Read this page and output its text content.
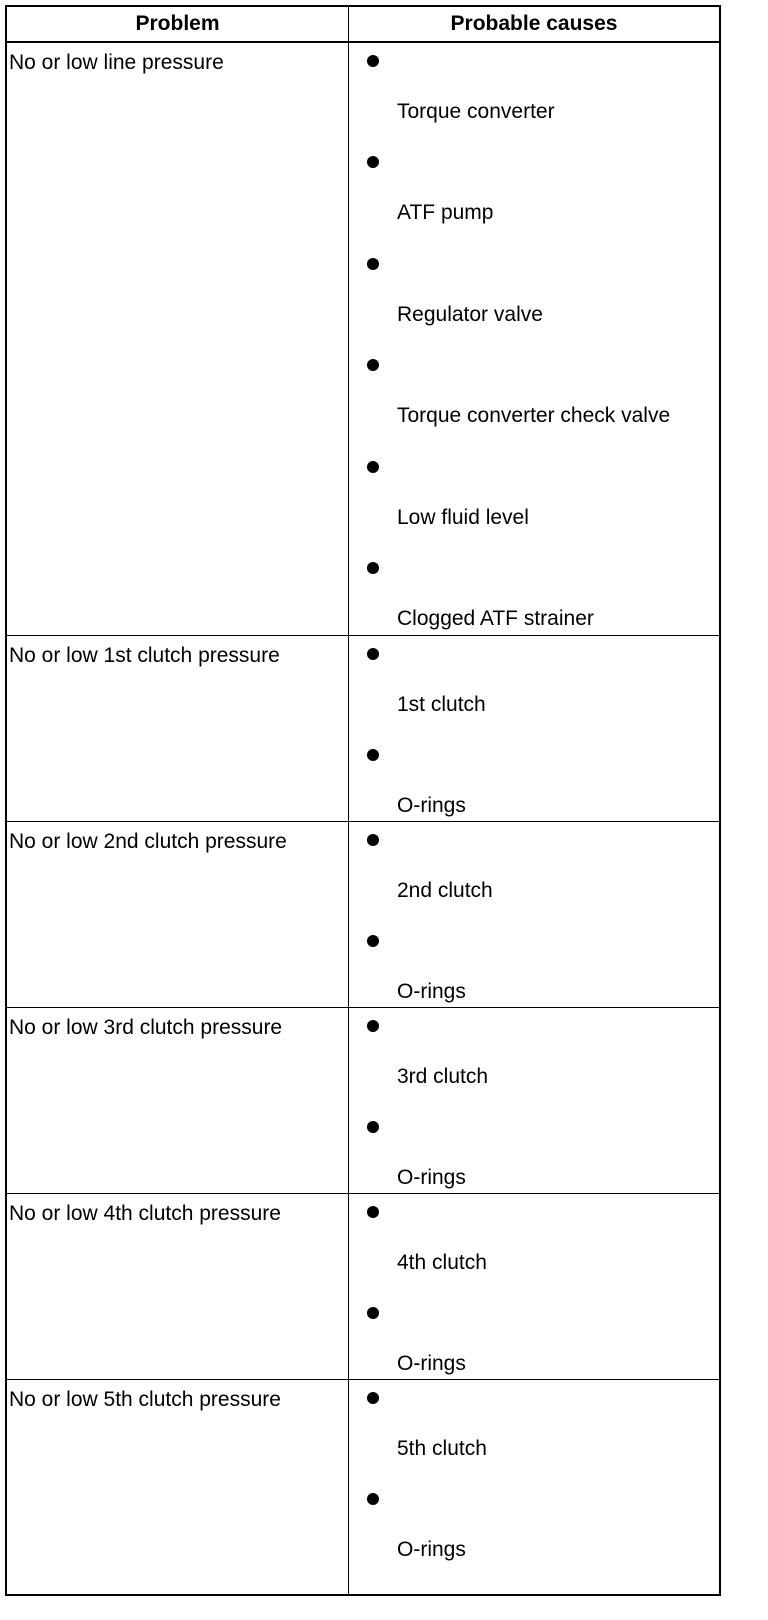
Problem	Probable causes
No or low line pressure
Torque converter
ATF pump
Regulator valve
Torque converter check valve
Low fluid level
Clogged ATF strainer
No or low 1st clutch pressure
1st clutch
O-rings
No or low 2nd clutch pressure
2nd clutch
O-rings
No or low 3rd clutch pressure
3rd clutch
O-rings
No or low 4th clutch pressure
4th clutch
O-rings
No or low 5th clutch pressure
5th clutch
O-rings
